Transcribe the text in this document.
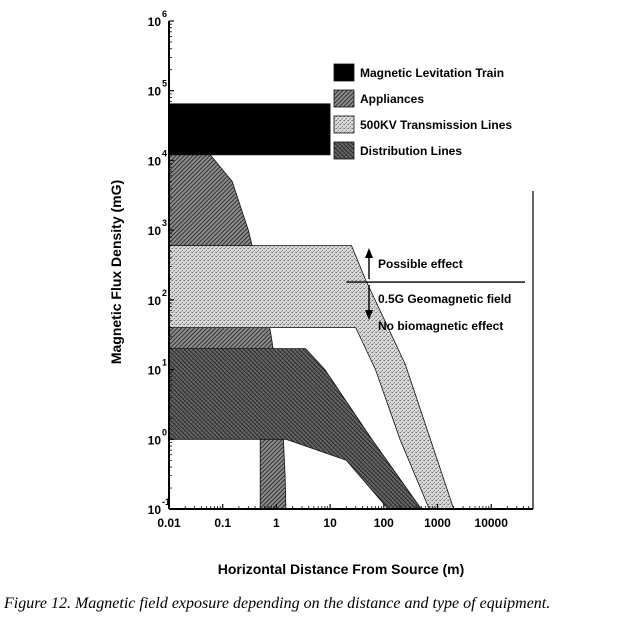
Possible effect
0.5G Geomagnetic field
No biomagnetic effect
10
-1
10
0
10
1
10
2
10
3
10
4
10
5
10
6
0.01	0.1	1	10	100	1000 10000
Magnetic Levitation Train
Appliances
500KV Transmission Lines
Distribution Lines
Magnetic Flux Density (mG)
Horizontal Distance From Source (m)

Figure 12. Magnetic field exposure depending on the distance and type of equipment.
